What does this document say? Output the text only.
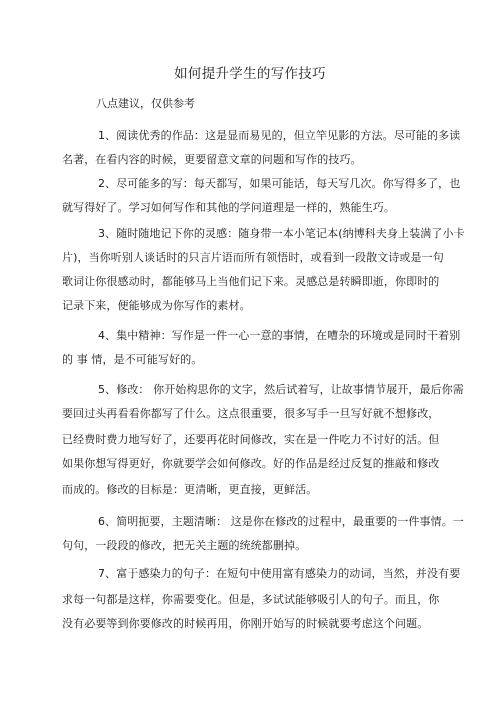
如何提升学生的写作技巧
八点建议，仅供参考
1、阅读优秀的作品：这是显而易见的，但立竿见影的方法。尽可能的多读
名著，在看内容的时候，更要留意文章的问题和写作的技巧。
2、尽可能多的写：每天都写，如果可能话，每天写几次。你写得多了，也
就写得好了。学习如何写作和其他的学问道理是一样的，熟能生巧。
3、随时随地记下你的灵感：随身带一本小笔记本(纳博科夫身上装满了小卡
片)，当你听别人谈话时的只言片语而所有领悟时，或看到一段散文诗或是一句
歌词让你很感动时，都能够马上当他们记下来。灵感总是转瞬即逝，你即时的
记录下来，便能够成为你写作的素材。
4、集中精神：写作是一件一心一意的事情，在嘈杂的环境或是同时干着别
的 事 情，是不可能写好的。
5、修改： 你开始构思你的文字，然后试着写，让故事情节展开，最后你需
要回过头再看看你都写了什么。这点很重要，很多写手一旦写好就不想修改，
已经费时费力地写好了，还要再花时间修改，实在是一件吃力不讨好的活。但
如果你想写得更好，你就要学会如何修改。好的作品是经过反复的推敲和修改
而成的。修改的目标是：更清晰，更直接，更鲜活。
6、简明扼要，主题清晰： 这是你在修改的过程中，最重要的一件事情。一
句句，一段段的修改，把无关主题的统统都删掉。
7、富于感染力的句子：在短句中使用富有感染力的动词，当然，并没有要
求每一句都是这样，你需要变化。但是，多试试能够吸引人的句子。而且，你
没有必要等到你要修改的时候再用，你刚开始写的时候就要考虑这个问题。
